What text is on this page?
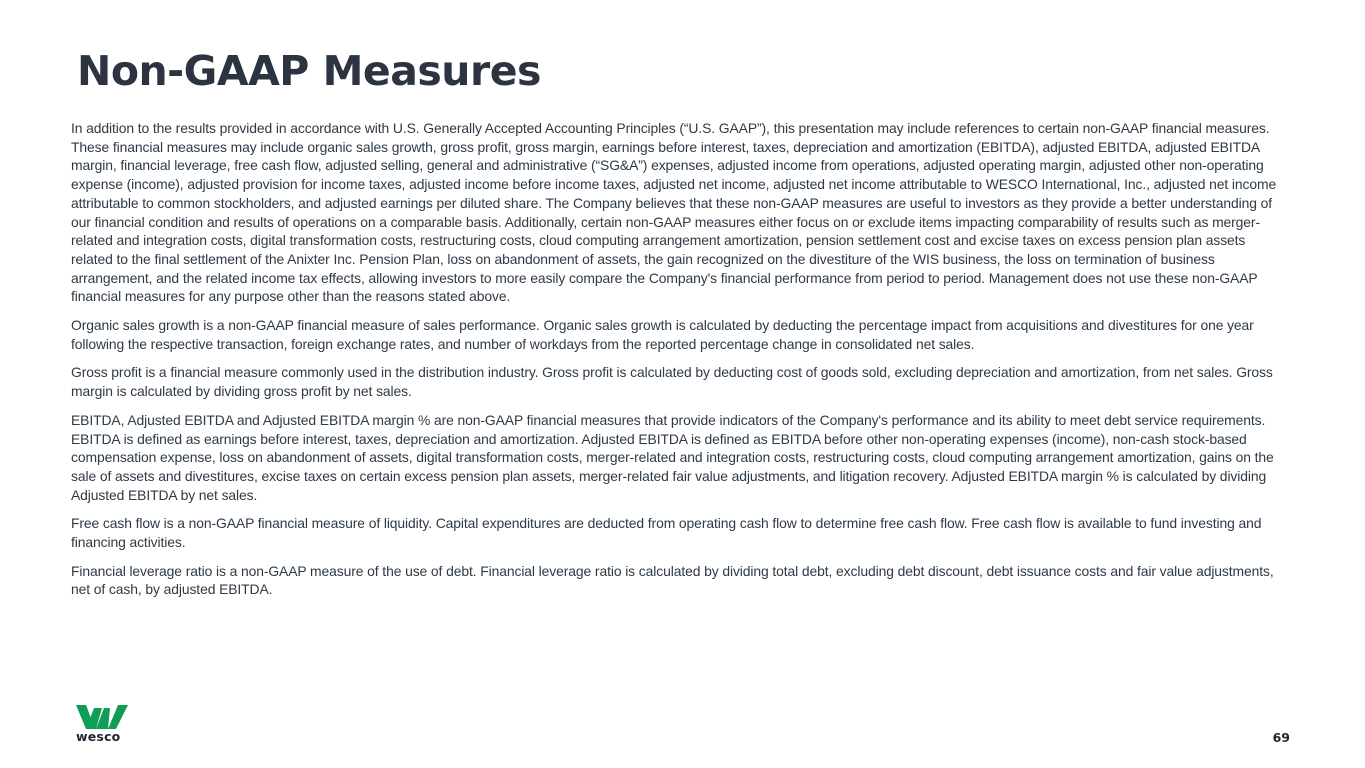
Non-GAAP Measures

In addition to the results provided in accordance with U.S. Generally Accepted Accounting Principles (“U.S. GAAP”), this presentation may include references to certain non-GAAP financial measures. These financial measures may include organic sales growth, gross profit, gross margin, earnings before interest, taxes, depreciation and amortization (EBITDA), adjusted EBITDA, adjusted EBITDA margin, financial leverage, free cash flow, adjusted selling, general and administrative (“SG&A”) expenses, adjusted income from operations, adjusted operating margin, adjusted other non-operating expense (income), adjusted provision for income taxes, adjusted income before income taxes, adjusted net income, adjusted net income attributable to WESCO International, Inc., adjusted net income attributable to common stockholders, and adjusted earnings per diluted share. The Company believes that these non-GAAP measures are useful to investors as they provide a better understanding of our financial condition and results of operations on a comparable basis. Additionally, certain non-GAAP measures either focus on or exclude items impacting comparability of results such as merger-related and integration costs, digital transformation costs, restructuring costs, cloud computing arrangement amortization, pension settlement cost and excise taxes on excess pension plan assets related to the final settlement of the Anixter Inc. Pension Plan, loss on abandonment of assets, the gain recognized on the divestiture of the WIS business, the loss on termination of business arrangement, and the related income tax effects, allowing investors to more easily compare the Company's financial performance from period to period. Management does not use these non-GAAP financial measures for any purpose other than the reasons stated above.

Organic sales growth is a non-GAAP financial measure of sales performance. Organic sales growth is calculated by deducting the percentage impact from acquisitions and divestitures for one year following the respective transaction, foreign exchange rates, and number of workdays from the reported percentage change in consolidated net sales.

Gross profit is a financial measure commonly used in the distribution industry. Gross profit is calculated by deducting cost of goods sold, excluding depreciation and amortization, from net sales. Gross margin is calculated by dividing gross profit by net sales.

EBITDA, Adjusted EBITDA and Adjusted EBITDA margin % are non-GAAP financial measures that provide indicators of the Company's performance and its ability to meet debt service requirements. EBITDA is defined as earnings before interest, taxes, depreciation and amortization. Adjusted EBITDA is defined as EBITDA before other non-operating expenses (income), non-cash stock-based compensation expense, loss on abandonment of assets, digital transformation costs, merger-related and integration costs, restructuring costs, cloud computing arrangement amortization, gains on the sale of assets and divestitures, excise taxes on certain excess pension plan assets, merger-related fair value adjustments, and litigation recovery. Adjusted EBITDA margin % is calculated by dividing Adjusted EBITDA by net sales.

Free cash flow is a non-GAAP financial measure of liquidity. Capital expenditures are deducted from operating cash flow to determine free cash flow. Free cash flow is available to fund investing and financing activities.

Financial leverage ratio is a non-GAAP measure of the use of debt. Financial leverage ratio is calculated by dividing total debt, excluding debt discount, debt issuance costs and fair value adjustments, net of cash, by adjusted EBITDA.

wesco	69
